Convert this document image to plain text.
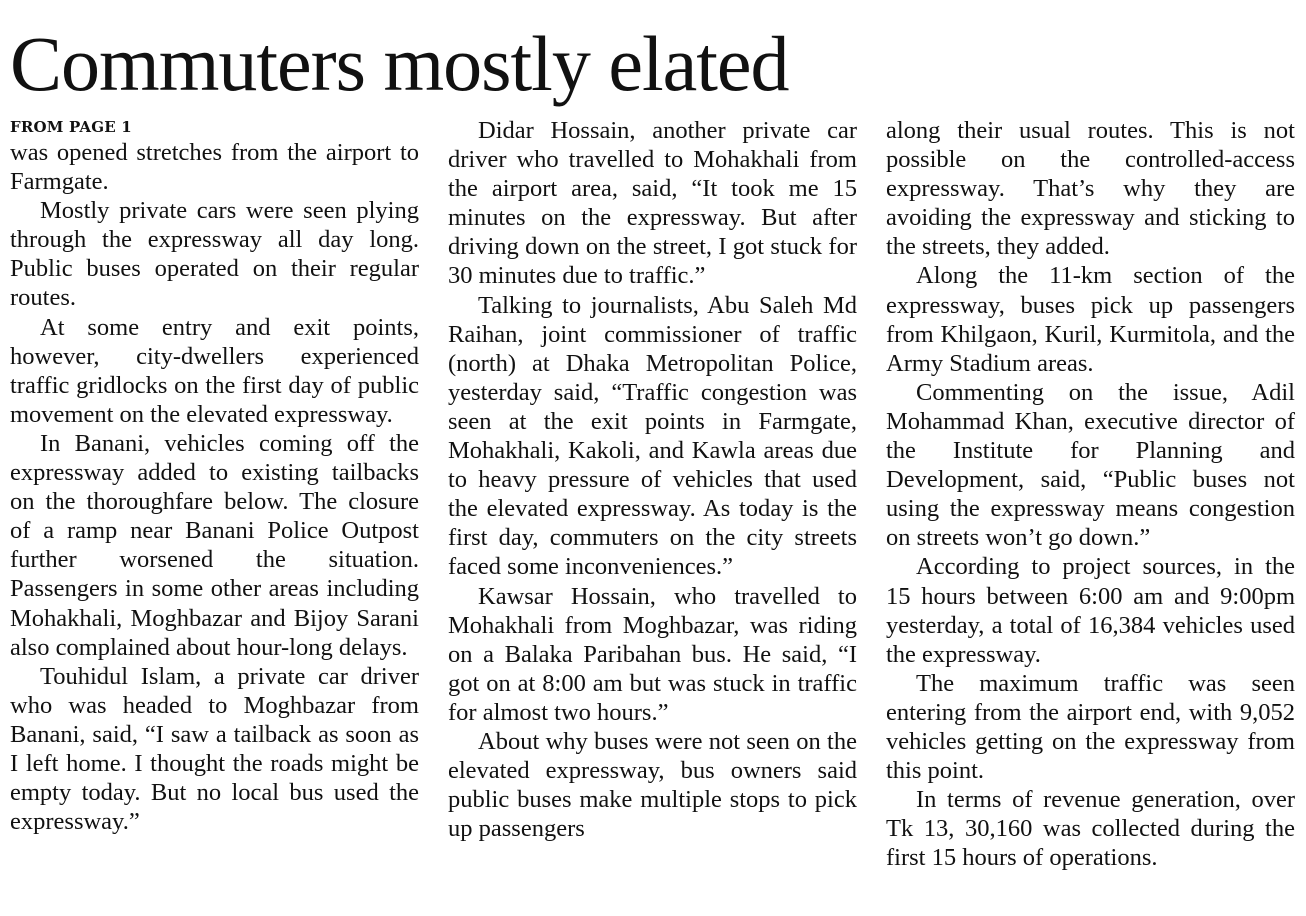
Commuters mostly elated
FROM PAGE 1

was opened stretches from the airport to Farmgate.

Mostly private cars were seen plying through the expressway all day long. Public buses operated on their regular routes.

At some entry and exit points, however, city-dwellers experienced traffic gridlocks on the first day of public movement on the elevated expressway.

In Banani, vehicles coming off the expressway added to existing tailbacks on the thoroughfare below. The closure of a ramp near Banani Police Outpost further worsened the situation. Passengers in some other areas including Mohakhali, Moghbazar and Bijoy Sarani also complained about hour-long delays.

Touhidul Islam, a private car driver who was headed to Moghbazar from Banani, said, “I saw a tailback as soon as I left home. I thought the roads might be empty today. But no local bus used the expressway.”

Didar Hossain, another private car driver who travelled to Mohakhali from the airport area, said, “It took me 15 minutes on the expressway. But after driving down on the street, I got stuck for 30 minutes due to traffic.”

Talking to journalists, Abu Saleh Md Raihan, joint commissioner of traffic (north) at Dhaka Metropolitan Police, yesterday said, “Traffic congestion was seen at the exit points in Farmgate, Mohakhali, Kakoli, and Kawla areas due to heavy pressure of vehicles that used the elevated expressway. As today is the first day, commuters on the city streets faced some inconveniences.”

Kawsar Hossain, who travelled to Mohakhali from Moghbazar, was riding on a Balaka Paribahan bus. He said, “I got on at 8:00 am but was stuck in traffic for almost two hours.”

About why buses were not seen on the elevated expressway, bus owners said public buses make multiple stops to pick up passengers

along their usual routes. This is not possible on the controlled-access expressway. That’s why they are avoiding the expressway and sticking to the streets, they added.

Along the 11-km section of the expressway, buses pick up passengers from Khilgaon, Kuril, Kurmitola, and the Army Stadium areas.

Commenting on the issue, Adil Mohammad Khan, executive director of the Institute for Planning and Development, said, “Public buses not using the expressway means congestion on streets won’t go down.”

According to project sources, in the 15 hours between 6:00 am and 9:00pm yesterday, a total of 16,384 vehicles used the expressway.

The maximum traffic was seen entering from the airport end, with 9,052 vehicles getting on the expressway from this point.

In terms of revenue generation, over Tk 13, 30,160 was collected during the first 15 hours of operations.
